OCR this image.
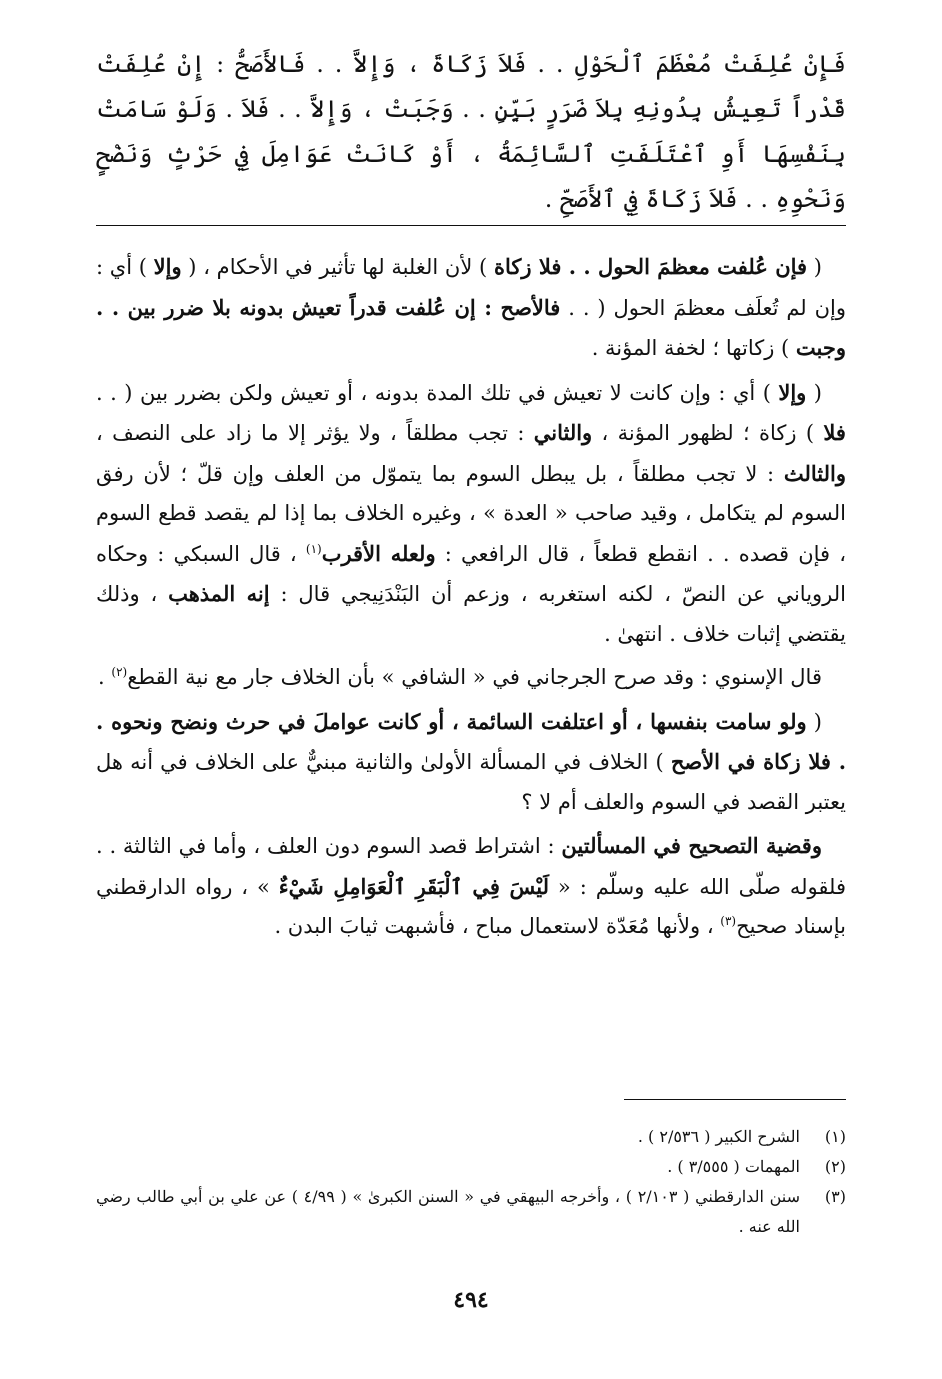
فَإِنْ عُلِفَتْ مُعْظَمَ ٱلْحَوْلِ . . فَلاَ زَكَاةَ ، وَإِلاَّ . . فَالأَصَحُّ : إِنْ عُلِفَتْ قَدْراً تَعِيشُ بِدُونِهِ بِلاَ ضَرَرٍ بَيِّنٍ . . وَجَبَتْ ، وَإِلاَّ . . فَلاَ . وَلَوْ سَامَتْ بِنَفْسِهَا أَوِ ٱعْتَلَفَتِ ٱلسَّائِمَةُ ، أَوْ كَانَتْ عَوَامِلَ فِي حَرْثٍ وَنَضْحٍ وَنَحْوِهِ . . فَلاَ زَكَاةَ فِي ٱلأَصَحِّ .

( فإن عُلفت معظمَ الحول . . فلا زكاة ) لأن الغلبة لها تأثير في الأحكام ، ( وإلا ) أي : وإن لم تُعلَف معظمَ الحول ( . . فالأصح : إن عُلفت قدراً تعيش بدونه بلا ضرر بين . . وجبت ) زكاتها ؛ لخفة المؤنة .

( وإلا ) أي : وإن كانت لا تعيش في تلك المدة بدونه ، أو تعيش ولكن بضرر بين ( . . فلا ) زكاة ؛ لظهور المؤنة ، والثاني : تجب مطلقاً ، ولا يؤثر إلا ما زاد على النصف ، والثالث : لا تجب مطلقاً ، بل يبطل السوم بما يتموّل من العلف وإن قلّ ؛ لأن رفق السوم لم يتكامل ، وقيد صاحب « العدة » ، وغيره الخلاف بما إذا لم يقصد قطع السوم ، فإن قصده . . انقطع قطعاً ، قال الرافعي : ولعله الأقرب$^{(١)}$ ، قال السبكي : وحكاه الروياني عن النصّ ، لكنه استغربه ، وزعم أن البَنْدَنِيجي قال : إنه المذهب ، وذلك يقتضي إثبات خلاف . انتهىٰ .

قال الإسنوي : وقد صرح الجرجاني في « الشافي » بأن الخلاف جار مع نية القطع$^{(٢)}$ .

( ولو سامت بنفسها ، أو اعتلفت السائمة ، أو كانت عواملَ في حرث ونضح ونحوه . . فلا زكاة في الأصح ) الخلاف في المسألة الأولىٰ والثانية مبنيٌّ على الخلاف في أنه هل يعتبر القصد في السوم والعلف أم لا ؟

وقضية التصحيح في المسألتين : اشتراط قصد السوم دون العلف ، وأما في الثالثة . . فلقوله صلّى الله عليه وسلّم : « لَيْسَ فِي ٱلْبَقَرِ ٱلْعَوَامِلِ شَيْءٌ » ، رواه الدارقطني بإسناد صحيح$^{(٣)}$ ، ولأنها مُعَدّة لاستعمال مباح ، فأشبهت ثيابَ البدن .

(١)
الشرح الكبير ( ٢/٥٣٦ ) .
(٢)
المهمات ( ٣/٥٥٥ ) .
(٣)
سنن الدارقطني ( ٢/١٠٣ ) ، وأخرجه البيهقي في « السنن الكبرىٰ » ( ٤/٩٩ ) عن علي بن أبي طالب رضي الله عنه .
٤٩٤
